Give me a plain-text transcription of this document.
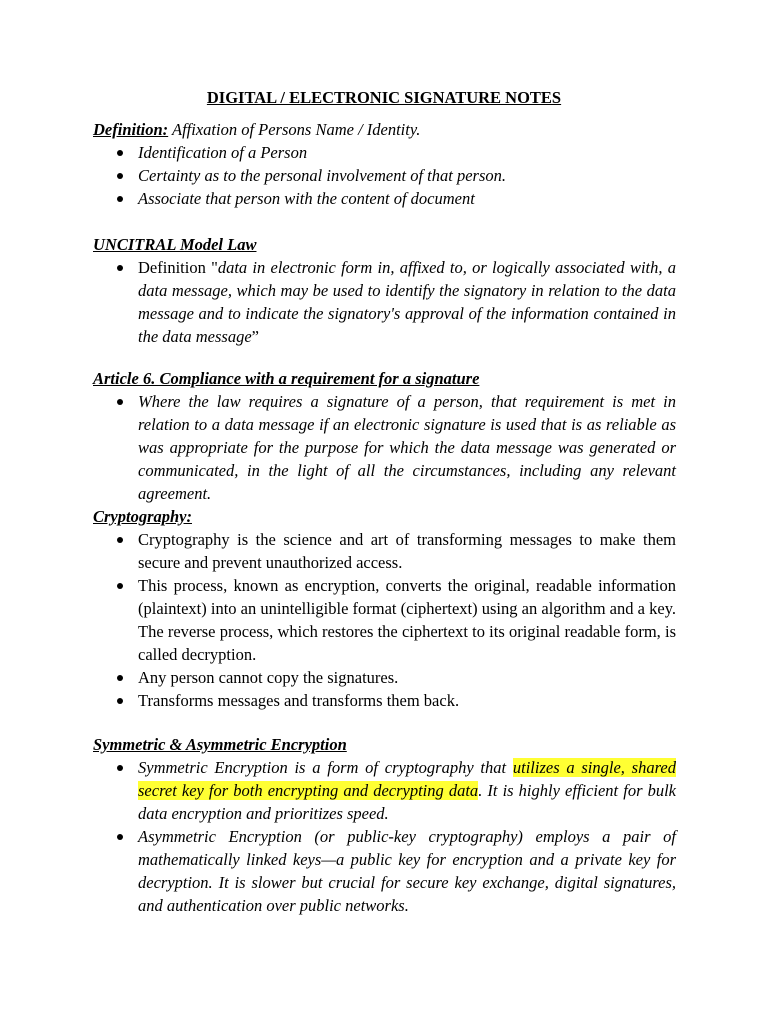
DIGITAL / ELECTRONIC SIGNATURE NOTES

Definition: Affixation of Persons Name / Identity.

Identification of a Person
Certainty as to the personal involvement of that person.
Associate that person with the content of document
UNCITRAL Model Law
Definition "data in electronic form in, affixed to, or logically associated with, a data message, which may be used to identify the signatory in relation to the data message and to indicate the signatory's approval of the information contained in the data message”
Article 6. Compliance with a requirement for a signature
Where the law requires a signature of a person, that requirement is met in relation to a data message if an electronic signature is used that is as reliable as was appropriate for the purpose for which the data message was generated or communicated, in the light of all the circumstances, including any relevant agreement.
Cryptography:
Cryptography is the science and art of transforming messages to make them secure and prevent unauthorized access.
This process, known as encryption, converts the original, readable information (plaintext) into an unintelligible format (ciphertext) using an algorithm and a key. The reverse process, which restores the ciphertext to its original readable form, is called decryption.
Any person cannot copy the signatures.
Transforms messages and transforms them back.
Symmetric & Asymmetric Encryption
Symmetric Encryption is a form of cryptography that utilizes a single, shared secret key for both encrypting and decrypting data. It is highly efficient for bulk data encryption and prioritizes speed.
Asymmetric Encryption (or public-key cryptography) employs a pair of mathematically linked keys—a public key for encryption and a private key for decryption. It is slower but crucial for secure key exchange, digital signatures, and authentication over public networks.
